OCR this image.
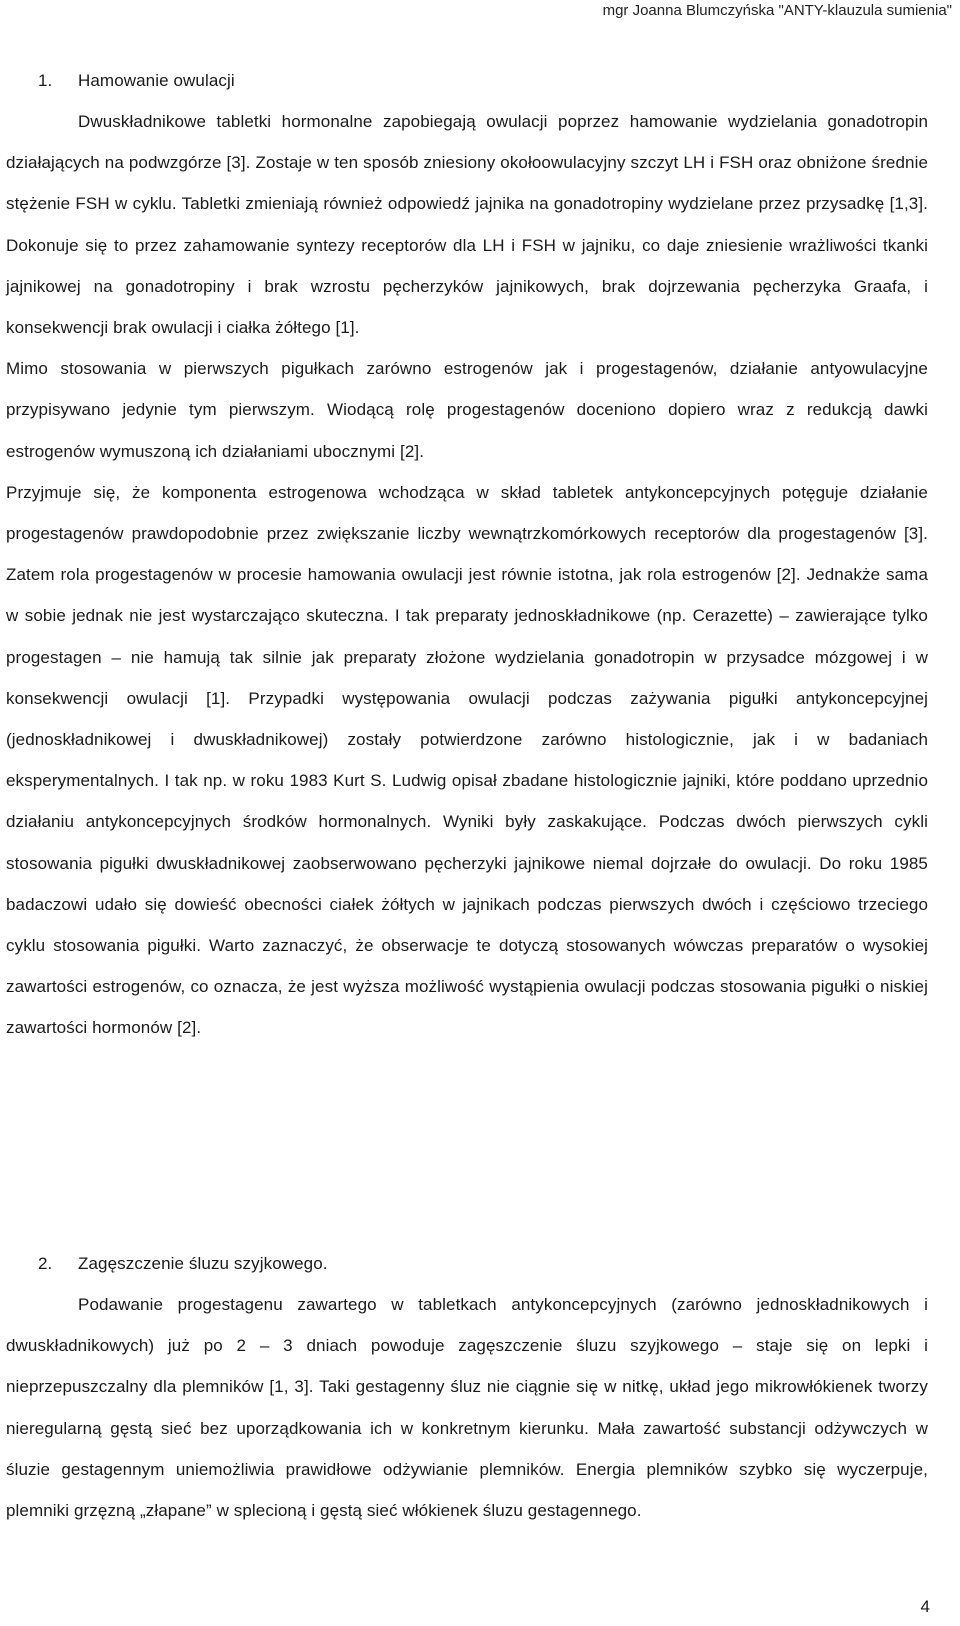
mgr Joanna Blumczyńska "ANTY-klauzula sumienia"

1. Hamowanie owulacji

Dwuskładnikowe tabletki hormonalne zapobiegają owulacji poprzez hamowanie wydzielania gonadotropin działających na podwzgórze [3]. Zostaje w ten sposób zniesiony okołoowulacyjny szczyt LH i FSH oraz obniżone średnie stężenie FSH w cyklu. Tabletki zmieniają również odpowiedź jajnika na gonadotropiny wydzielane przez przysadkę [1,3]. Dokonuje się to przez zahamowanie syntezy receptorów dla LH i FSH w jajniku, co daje zniesienie wrażliwości tkanki jajnikowej na gonadotropiny i brak wzrostu pęcherzyków jajnikowych, brak dojrzewania pęcherzyka Graafa, i konsekwencji brak owulacji i ciałka żółtego [1].

Mimo stosowania w pierwszych pigułkach zarówno estrogenów jak i progestagenów, działanie antyowulacyjne przypisywano jedynie tym pierwszym. Wiodącą rolę progestagenów doceniono dopiero wraz z redukcją dawki estrogenów wymuszoną ich działaniami ubocznymi [2].

Przyjmuje się, że komponenta estrogenowa wchodząca w skład tabletek antykoncepcyjnych potęguje działanie progestagenów prawdopodobnie przez zwiększanie liczby wewnątrzkomórkowych receptorów dla progestagenów [3]. Zatem rola progestagenów w procesie hamowania owulacji jest równie istotna, jak rola estrogenów [2]. Jednakże sama w sobie jednak nie jest wystarczająco skuteczna. I tak preparaty jednoskładnikowe (np. Cerazette) – zawierające tylko progestagen – nie hamują tak silnie jak preparaty złożone wydzielania gonadotropin w przysadce mózgowej i w konsekwencji owulacji [1]. Przypadki występowania owulacji podczas zażywania pigułki antykoncepcyjnej (jednoskładnikowej i dwuskładnikowej) zostały potwierdzone zarówno histologicznie, jak i w badaniach eksperymentalnych. I tak np. w roku 1983 Kurt S. Ludwig opisał zbadane histologicznie jajniki, które poddano uprzednio działaniu antykoncepcyjnych środków hormonalnych. Wyniki były zaskakujące. Podczas dwóch pierwszych cykli stosowania pigułki dwuskładnikowej zaobserwowano pęcherzyki jajnikowe niemal dojrzałe do owulacji. Do roku 1985 badaczowi udało się dowieść obecności ciałek żółtych w jajnikach podczas pierwszych dwóch i częściowo trzeciego cyklu stosowania pigułki. Warto zaznaczyć, że obserwacje te dotyczą stosowanych wówczas preparatów o wysokiej zawartości estrogenów, co oznacza, że jest wyższa możliwość wystąpienia owulacji podczas stosowania pigułki o niskiej zawartości hormonów [2].

2. Zagęszczenie śluzu szyjkowego.

Podawanie progestagenu zawartego w tabletkach antykoncepcyjnych (zarówno jednoskładnikowych i dwuskładnikowych) już po 2 – 3 dniach powoduje zagęszczenie śluzu szyjkowego – staje się on lepki i nieprzepuszczalny dla plemników [1, 3]. Taki gestagenny śluz nie ciągnie się w nitkę, układ jego mikrowłókienek tworzy nieregularną gęstą sieć bez uporządkowania ich w konkretnym kierunku. Mała zawartość substancji odżywczych w śluzie gestagennym uniemożliwia prawidłowe odżywianie plemników. Energia plemników szybko się wyczerpuje, plemniki grzęzną „złapane” w splecioną i gęstą sieć włókienek śluzu gestagennego.

4
